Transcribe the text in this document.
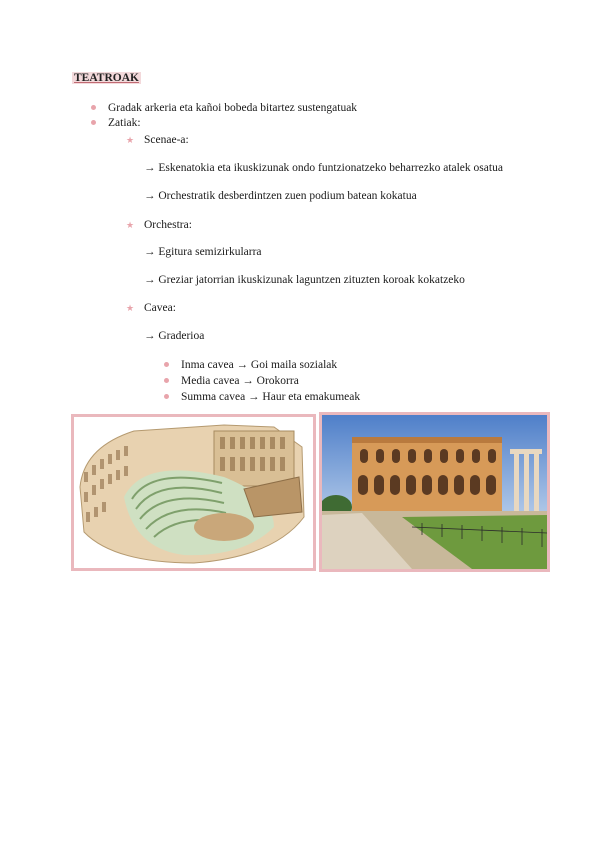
TEATROAK
Gradak arkeria eta kañoi bobeda bitartez sustengatuak
Zatiak:
★ Scenae-a:
→ Eskenatokia eta ikuskizunak ondo funtzionatzeko beharrezko atalek osatua
→ Orchestratik desberdintzen zuen podium batean kokatua
★ Orchestra:
→ Egitura semizirkularra
→ Greziar jatorrian ikuskizunak laguntzen zituzten koroak kokatzeko
★ Cavea:
→ Graderioa
Inma cavea → Goi maila sozialak
Media cavea → Orokorra
Summa cavea → Haur eta emakumeak
